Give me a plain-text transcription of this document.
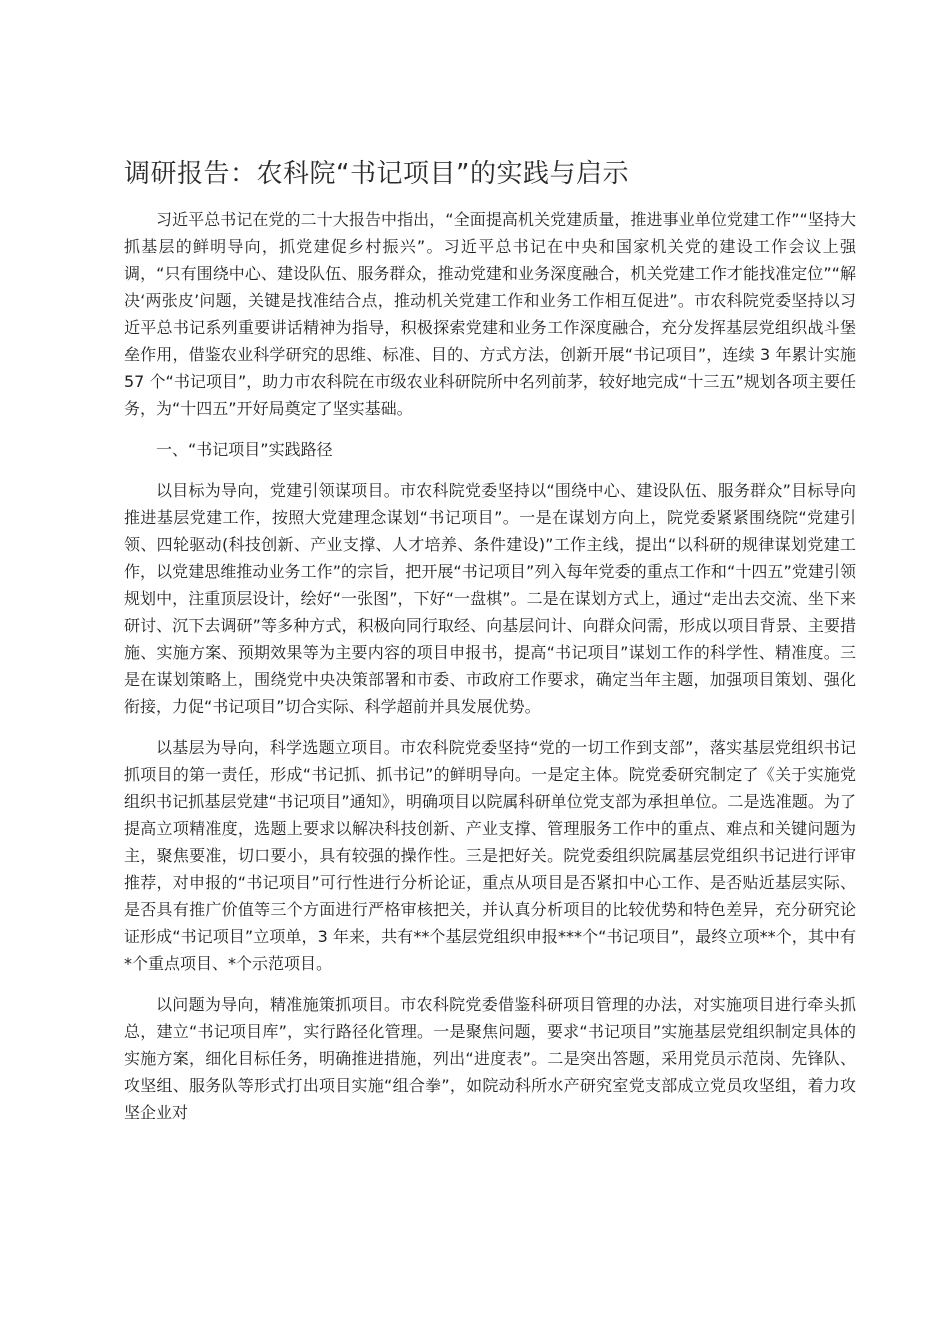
调研报告：农科院“书记项目”的实践与启示

习近平总书记在党的二十大报告中指出，“全面提高机关党建质量，推进事业单位党建工作”“坚持大抓基层的鲜明导向，抓党建促乡村振兴”。习近平总书记在中央和国家机关党的建设工作会议上强调，“只有围绕中心、建设队伍、服务群众，推动党建和业务深度融合，机关党建工作才能找准定位”“解决‘两张皮’问题，关键是找准结合点，推动机关党建工作和业务工作相互促进”。市农科院党委坚持以习近平总书记系列重要讲话精神为指导，积极探索党建和业务工作深度融合，充分发挥基层党组织战斗堡垒作用，借鉴农业科学研究的思维、标准、目的、方式方法，创新开展“书记项目”，连续 3 年累计实施 57 个“书记项目”，助力市农科院在市级农业科研院所中名列前茅，较好地完成“十三五”规划各项主要任务，为“十四五”开好局奠定了坚实基础。

一、“书记项目”实践路径

以目标为导向，党建引领谋项目。市农科院党委坚持以“围绕中心、建设队伍、服务群众”目标导向推进基层党建工作，按照大党建理念谋划“书记项目”。一是在谋划方向上，院党委紧紧围绕院“党建引领、四轮驱动(科技创新、产业支撑、人才培养、条件建设)”工作主线，提出“以科研的规律谋划党建工作，以党建思维推动业务工作”的宗旨，把开展“书记项目”列入每年党委的重点工作和“十四五”党建引领规划中，注重顶层设计，绘好“一张图”，下好“一盘棋”。二是在谋划方式上，通过“走出去交流、坐下来研讨、沉下去调研”等多种方式，积极向同行取经、向基层问计、向群众问需，形成以项目背景、主要措施、实施方案、预期效果等为主要内容的项目申报书，提高“书记项目”谋划工作的科学性、精准度。三是在谋划策略上，围绕党中央决策部署和市委、市政府工作要求，确定当年主题，加强项目策划、强化衔接，力促“书记项目”切合实际、科学超前并具发展优势。

以基层为导向，科学选题立项目。市农科院党委坚持“党的一切工作到支部”，落实基层党组织书记抓项目的第一责任，形成“书记抓、抓书记”的鲜明导向。一是定主体。院党委研究制定了《关于实施党组织书记抓基层党建“书记项目”通知》，明确项目以院属科研单位党支部为承担单位。二是选准题。为了提高立项精准度，选题上要求以解决科技创新、产业支撑、管理服务工作中的重点、难点和关键问题为主，聚焦要准，切口要小，具有较强的操作性。三是把好关。院党委组织院属基层党组织书记进行评审推荐，对申报的“书记项目”可行性进行分析论证，重点从项目是否紧扣中心工作、是否贴近基层实际、是否具有推广价值等三个方面进行严格审核把关，并认真分析项目的比较优势和特色差异，充分研究论证形成“书记项目”立项单，3 年来，共有**个基层党组织申报***个“书记项目”，最终立项**个，其中有*个重点项目、*个示范项目。

以问题为导向，精准施策抓项目。市农科院党委借鉴科研项目管理的办法，对实施项目进行牵头抓总，建立“书记项目库”，实行路径化管理。一是聚焦问题，要求“书记项目”实施基层党组织制定具体的实施方案，细化目标任务，明确推进措施，列出“进度表”。二是突出答题，采用党员示范岗、先锋队、攻坚组、服务队等形式打出项目实施“组合拳”，如院动科所水产研究室党支部成立党员攻坚组，着力攻坚企业对
